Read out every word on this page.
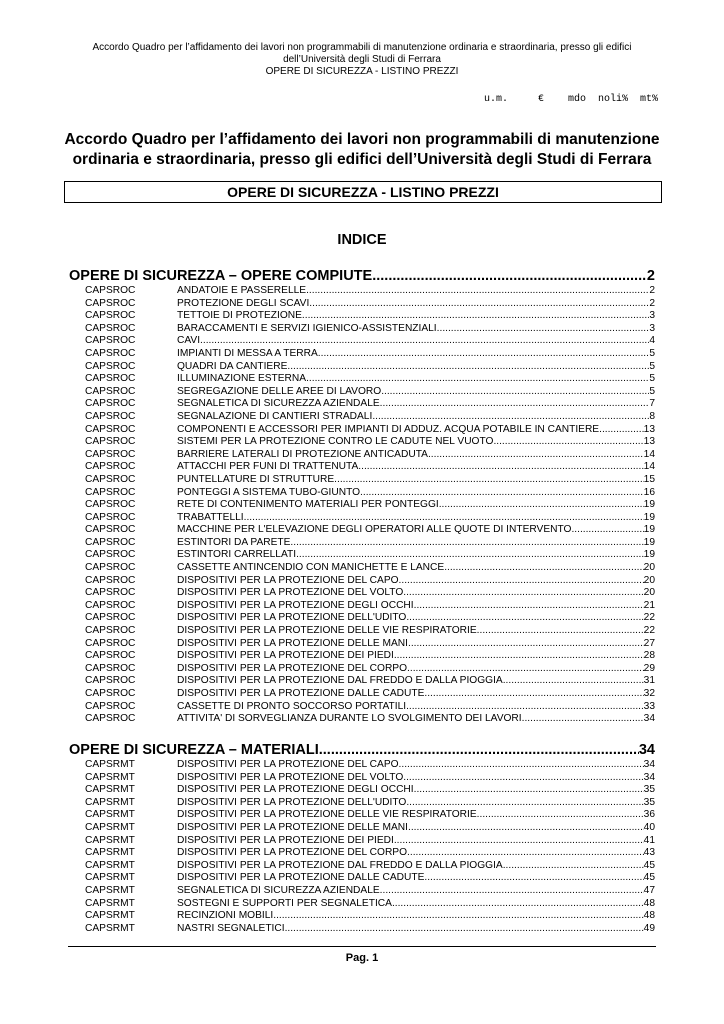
Accordo Quadro per l’affidamento dei lavori non programmabili di manutenzione ordinaria e straordinaria, presso gli edifici
dell’Università degli Studi di Ferrara
OPERE DI SICUREZZA - LISTINO PREZZI
u.m.     €    mdo  noli%  mt%
Accordo Quadro per l’affidamento dei lavori non programmabili di manutenzione
ordinaria e straordinaria, presso gli edifici dell’Università degli Studi di Ferrara
OPERE DI SICUREZZA - LISTINO PREZZI
INDICE
OPERE DI SICUREZZA – OPERE COMPIUTE .....	2
CAPSROC	ANDATOIE E PASSERELLE .....	2
CAPSROC	PROTEZIONE DEGLI SCAVI .....	2
CAPSROC	TETTOIE DI PROTEZIONE .....	3
CAPSROC	BARACCAMENTI E SERVIZI IGIENICO-ASSISTENZIALI .....	3
CAPSROC	CAVI .....	4
CAPSROC	IMPIANTI DI MESSA A TERRA .....	5
CAPSROC	QUADRI DA CANTIERE .....	5
CAPSROC	ILLUMINAZIONE ESTERNA .....	5
CAPSROC	SEGREGAZIONE DELLE AREE DI LAVORO .....	5
CAPSROC	SEGNALETICA DI SICUREZZA AZIENDALE .....	7
CAPSROC	SEGNALAZIONE DI CANTIERI STRADALI .....	8
CAPSROC	COMPONENTI E ACCESSORI PER IMPIANTI DI ADDUZ. ACQUA POTABILE IN CANTIERE .....	13
CAPSROC	SISTEMI PER LA PROTEZIONE CONTRO LE CADUTE NEL VUOTO .....	13
CAPSROC	BARRIERE LATERALI DI PROTEZIONE ANTICADUTA .....	14
CAPSROC	ATTACCHI PER FUNI DI TRATTENUTA .....	14
CAPSROC	PUNTELLATURE DI STRUTTURE .....	15
CAPSROC	PONTEGGI A SISTEMA TUBO-GIUNTO .....	16
CAPSROC	RETE DI CONTENIMENTO MATERIALI PER PONTEGGI .....	19
CAPSROC	TRABATTELLI .....	19
CAPSROC	MACCHINE PER L'ELEVAZIONE DEGLI OPERATORI ALLE QUOTE DI INTERVENTO .....	19
CAPSROC	ESTINTORI DA PARETE .....	19
CAPSROC	ESTINTORI CARRELLATI .....	19
CAPSROC	CASSETTE ANTINCENDIO CON MANICHETTE E LANCE .....	20
CAPSROC	DISPOSITIVI PER LA PROTEZIONE DEL CAPO .....	20
CAPSROC	DISPOSITIVI PER LA PROTEZIONE DEL VOLTO .....	20
CAPSROC	DISPOSITIVI PER LA PROTEZIONE DEGLI OCCHI .....	21
CAPSROC	DISPOSITIVI PER LA PROTEZIONE DELL'UDITO .....	22
CAPSROC	DISPOSITIVI PER LA PROTEZIONE DELLE VIE RESPIRATORIE .....	22
CAPSROC	DISPOSITIVI PER LA PROTEZIONE DELLE MANI .....	27
CAPSROC	DISPOSITIVI PER LA PROTEZIONE DEI PIEDI .....	28
CAPSROC	DISPOSITIVI PER LA PROTEZIONE DEL CORPO .....	29
CAPSROC	DISPOSITIVI PER LA PROTEZIONE DAL FREDDO E DALLA PIOGGIA .....	31
CAPSROC	DISPOSITIVI PER LA PROTEZIONE DALLE CADUTE .....	32
CAPSROC	CASSETTE DI PRONTO SOCCORSO PORTATILI .....	33
CAPSROC	ATTIVITA' DI SORVEGLIANZA DURANTE LO SVOLGIMENTO DEI LAVORI .....	34
OPERE DI SICUREZZA – MATERIALI .....	34
CAPSRMT	DISPOSITIVI PER LA PROTEZIONE DEL CAPO .....	34
CAPSRMT	DISPOSITIVI PER LA PROTEZIONE DEL VOLTO .....	34
CAPSRMT	DISPOSITIVI PER LA PROTEZIONE DEGLI OCCHI .....	35
CAPSRMT	DISPOSITIVI PER LA PROTEZIONE DELL'UDITO .....	35
CAPSRMT	DISPOSITIVI PER LA PROTEZIONE DELLE VIE RESPIRATORIE .....	36
CAPSRMT	DISPOSITIVI PER LA PROTEZIONE DELLE MANI .....	40
CAPSRMT	DISPOSITIVI PER LA PROTEZIONE DEI PIEDI .....	41
CAPSRMT	DISPOSITIVI PER LA PROTEZIONE DEL CORPO .....	43
CAPSRMT	DISPOSITIVI PER LA PROTEZIONE DAL FREDDO E DALLA PIOGGIA .....	45
CAPSRMT	DISPOSITIVI PER LA PROTEZIONE DALLE CADUTE .....	45
CAPSRMT	SEGNALETICA DI SICUREZZA AZIENDALE .....	47
CAPSRMT	SOSTEGNI E SUPPORTI PER SEGNALETICA .....	48
CAPSRMT	RECINZIONI MOBILI .....	48
CAPSRMT	NASTRI SEGNALETICI .....	49
Pag. 1
